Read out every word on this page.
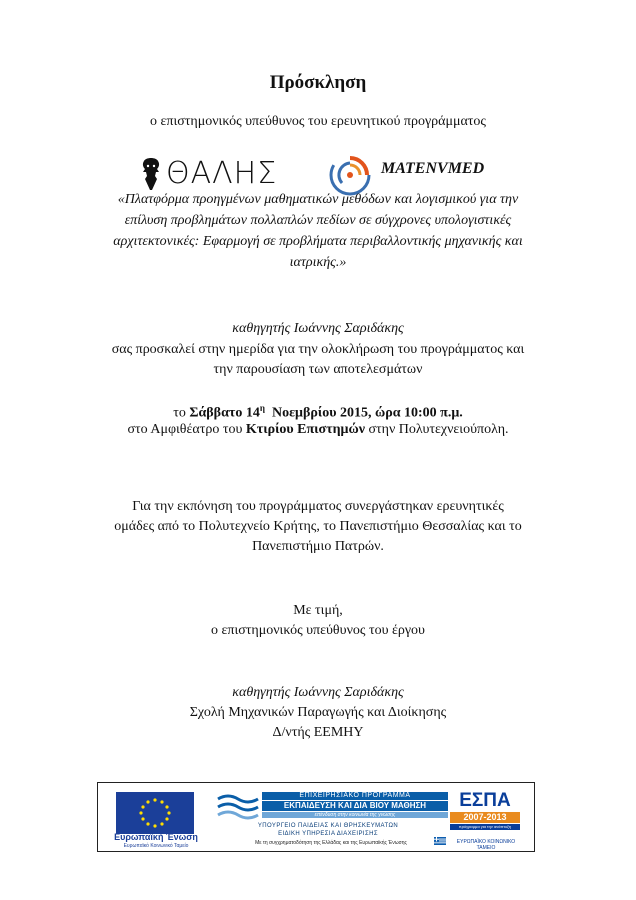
Πρόσκληση
ο επιστημονικός υπεύθυνος του ερευνητικού προγράμματος
ΘΑΛΗΣ	MATENVMED
«Πλατφόρμα προηγμένων μαθηματικών μεθόδων και λογισμικού για την
επίλυση προβλημάτων πολλαπλών πεδίων σε σύγχρονες υπολογιστικές
αρχιτεκτονικές: Εφαρμογή σε προβλήματα περιβαλλοντικής μηχανικής και
ιατρικής.»
καθηγητής Ιωάννης Σαριδάκης
σας προσκαλεί στην ημερίδα για την ολοκλήρωση του προγράμματος και
την παρουσίαση των αποτελεσμάτων
το Σάββατο $14^\eta$ Νοεμβρίου 2015, ώρα 10:00 π.μ.
στο Αμφιθέατρο του Κτιρίου Επιστημών στην Πολυτεχνειούπολη.
Για την εκπόνηση του προγράμματος συνεργάστηκαν ερευνητικές
ομάδες από το Πολυτεχνείο Κρήτης, το Πανεπιστήμιο Θεσσαλίας και το
Πανεπιστήμιο Πατρών.
Με τιμή,
ο επιστημονικός υπεύθυνος του έργου
καθηγητής Ιωάννης Σαριδάκης
Σχολή Μηχανικών Παραγωγής και Διοίκησης
Δ/ντής ΕΕΜΗΥ
Ευρωπαϊκή Ένωση
Ευρωπαϊκό Κοινωνικό Ταμείο
ΕΠΙΧΕΙΡΗΣΙΑΚΟ ΠΡΟΓΡΑΜΜΑ
ΕΚΠΑΙΔΕΥΣΗ ΚΑΙ ΔΙΑ ΒΙΟΥ ΜΑΘΗΣΗ
επένδυση στην κοινωνία της γνώσης
ΥΠΟΥΡΓΕΙΟ ΠΑΙΔΕΙΑΣ ΚΑΙ ΘΡΗΣΚΕΥΜΑΤΩΝ
ΕΙΔΙΚΗ ΥΠΗΡΕΣΙΑ ΔΙΑΧΕΙΡΙΣΗΣ
Με τη συγχρηματοδότηση της Ελλάδας και της Ευρωπαϊκής Ένωσης
ΕΣΠΑ
2007-2013
πρόγραμμα για την ανάπτυξη
ΕΥΡΩΠΑΪΚΟ ΚΟΙΝΩΝΙΚΟ ΤΑΜΕΙΟ
